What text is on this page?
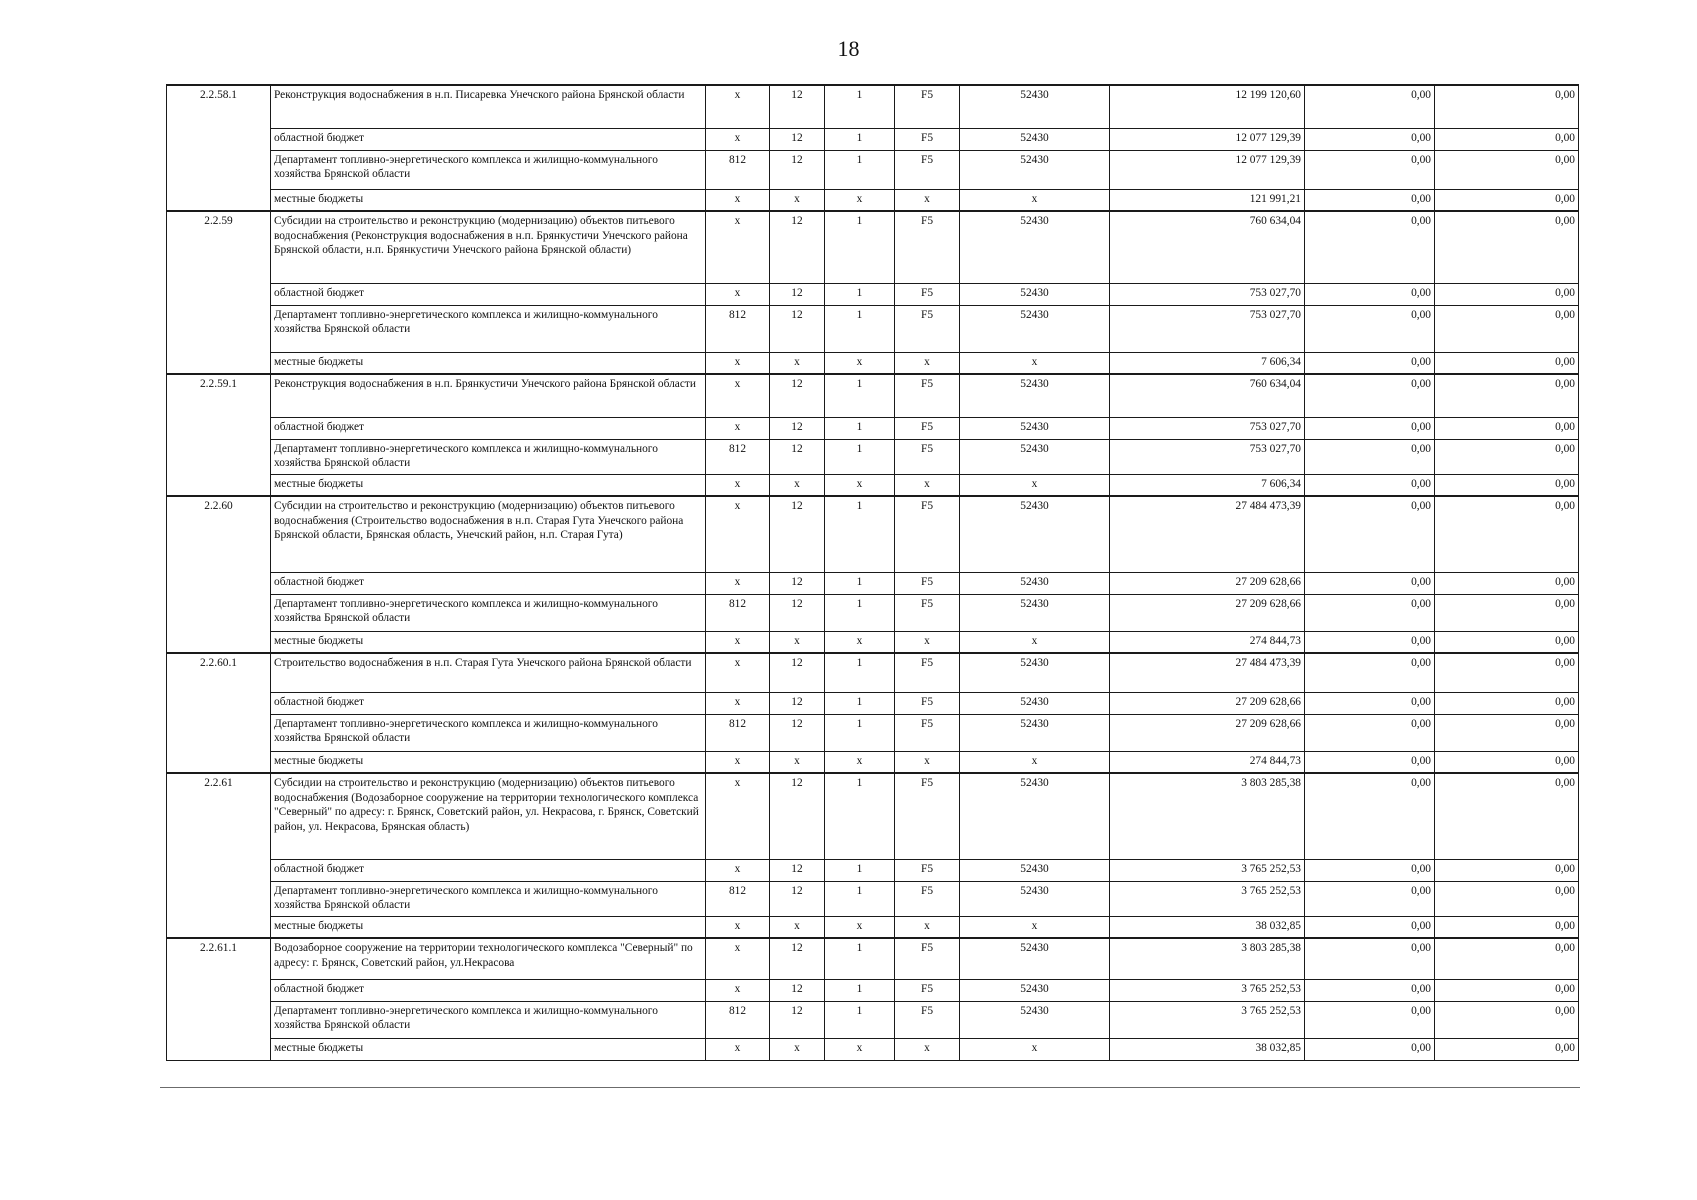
18
2.2.58.1	Реконструкция водоснабжения в н.п. Писаревка Унечского района Брянской области	x	12	1	F5	52430	12 199 120,60	0,00	0,00
	областной бюджет	x	12	1	F5	52430	12 077 129,39	0,00	0,00
	Департамент топливно-энергетического комплекса и жилищно-коммунального хозяйства Брянской области	812	12	1	F5	52430	12 077 129,39	0,00	0,00
	местные бюджеты	x	x	x	x	x	121 991,21	0,00	0,00
2.2.59	Субсидии на строительство и реконструкцию (модернизацию) объектов питьевого водоснабжения (Реконструкция водоснабжения в н.п. Брянкустичи Унечского района Брянской области, н.п. Брянкустичи Унечского района Брянской области)	x	12	1	F5	52430	760 634,04	0,00	0,00
	областной бюджет	x	12	1	F5	52430	753 027,70	0,00	0,00
	Департамент топливно-энергетического комплекса и жилищно-коммунального хозяйства Брянской области	812	12	1	F5	52430	753 027,70	0,00	0,00
	местные бюджеты	x	x	x	x	x	7 606,34	0,00	0,00
2.2.59.1	Реконструкция водоснабжения в н.п. Брянкустичи Унечского района Брянской области	x	12	1	F5	52430	760 634,04	0,00	0,00
	областной бюджет	x	12	1	F5	52430	753 027,70	0,00	0,00
	Департамент топливно-энергетического комплекса и жилищно-коммунального хозяйства Брянской области	812	12	1	F5	52430	753 027,70	0,00	0,00
	местные бюджеты	x	x	x	x	x	7 606,34	0,00	0,00
2.2.60	Субсидии на строительство и реконструкцию (модернизацию) объектов питьевого водоснабжения (Строительство водоснабжения в н.п. Старая Гута Унечского района Брянской области, Брянская область, Унечский район, н.п. Старая Гута)	x	12	1	F5	52430	27 484 473,39	0,00	0,00
	областной бюджет	x	12	1	F5	52430	27 209 628,66	0,00	0,00
	Департамент топливно-энергетического комплекса и жилищно-коммунального хозяйства Брянской области	812	12	1	F5	52430	27 209 628,66	0,00	0,00
	местные бюджеты	x	x	x	x	x	274 844,73	0,00	0,00
2.2.60.1	Строительство водоснабжения в н.п. Старая Гута Унечского района Брянской области	x	12	1	F5	52430	27 484 473,39	0,00	0,00
	областной бюджет	x	12	1	F5	52430	27 209 628,66	0,00	0,00
	Департамент топливно-энергетического комплекса и жилищно-коммунального хозяйства Брянской области	812	12	1	F5	52430	27 209 628,66	0,00	0,00
	местные бюджеты	x	x	x	x	x	274 844,73	0,00	0,00
2.2.61	Субсидии на строительство и реконструкцию (модернизацию) объектов питьевого водоснабжения (Водозаборное сооружение на территории технологического комплекса "Северный" по адресу: г. Брянск, Советский район, ул. Некрасова, г. Брянск, Советский район, ул. Некрасова, Брянская область)	x	12	1	F5	52430	3 803 285,38	0,00	0,00
	областной бюджет	x	12	1	F5	52430	3 765 252,53	0,00	0,00
	Департамент топливно-энергетического комплекса и жилищно-коммунального хозяйства Брянской области	812	12	1	F5	52430	3 765 252,53	0,00	0,00
	местные бюджеты	x	x	x	x	x	38 032,85	0,00	0,00
2.2.61.1	Водозаборное сооружение на территории технологического комплекса "Северный" по адресу: г. Брянск, Советский район, ул.Некрасова	x	12	1	F5	52430	3 803 285,38	0,00	0,00
	областной бюджет	x	12	1	F5	52430	3 765 252,53	0,00	0,00
	Департамент топливно-энергетического комплекса и жилищно-коммунального хозяйства Брянской области	812	12	1	F5	52430	3 765 252,53	0,00	0,00
	местные бюджеты	x	x	x	x	x	38 032,85	0,00	0,00
